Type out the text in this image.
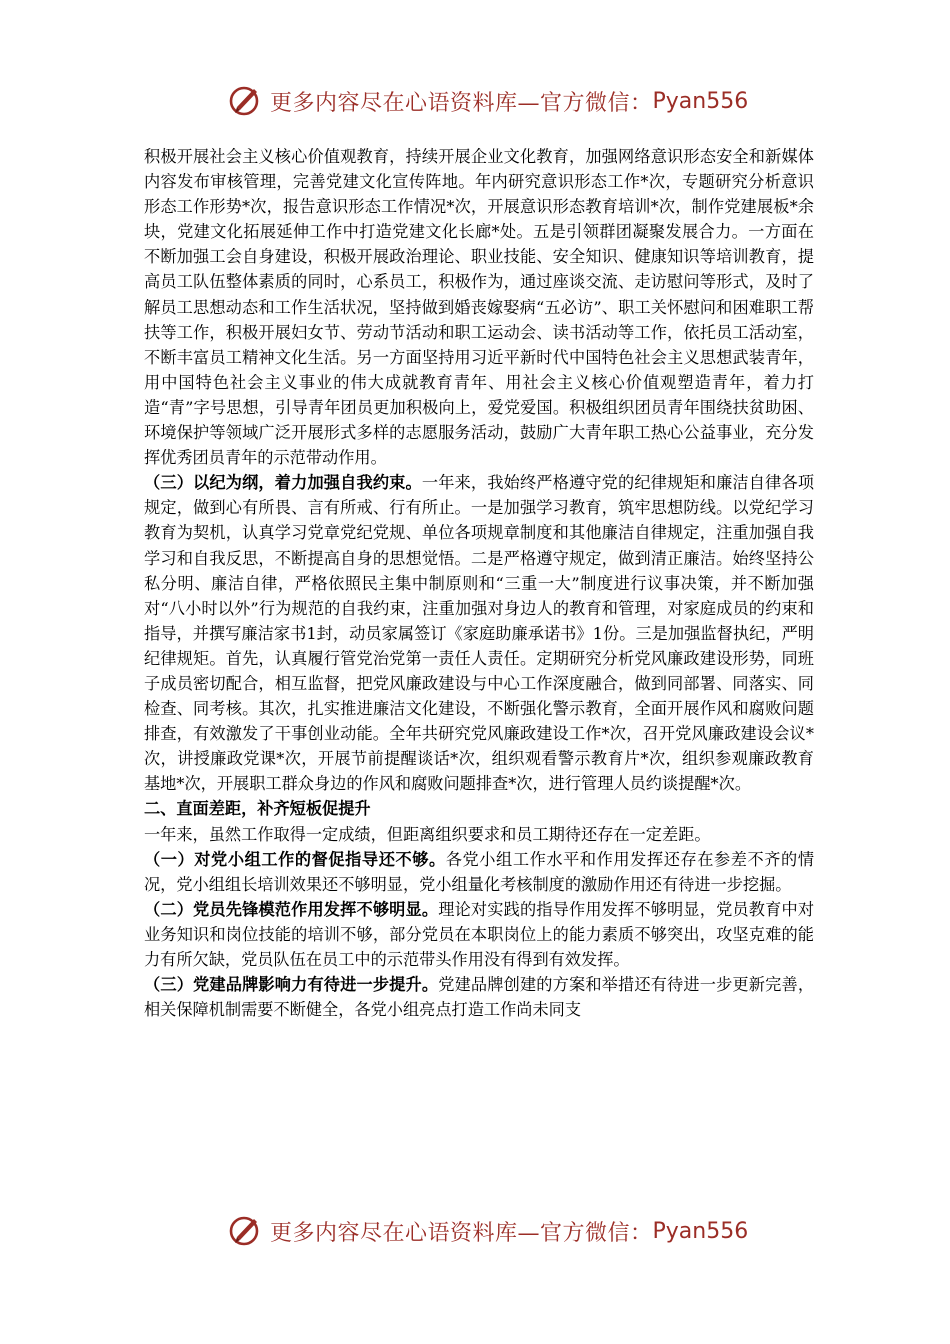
更多内容尽在心语资料库—官方微信： Pyan556

积极开展社会主义核心价值观教育，持续开展企业文化教育，加强网络意识形态安全和新媒体内容发布审核管理，完善党建文化宣传阵地。年内研究意识形态工作*次，专题研究分析意识形态工作形势*次，报告意识形态工作情况*次，开展意识形态教育培训*次，制作党建展板*余块，党建文化拓展延伸工作中打造党建文化长廊*处。五是引领群团凝聚发展合力。一方面在不断加强工会自身建设，积极开展政治理论、职业技能、安全知识、健康知识等培训教育，提高员工队伍整体素质的同时，心系员工，积极作为，通过座谈交流、走访慰问等形式，及时了解员工思想动态和工作生活状况，坚持做到婚丧嫁娶病“五必访”、职工关怀慰问和困难职工帮扶等工作，积极开展妇女节、劳动节活动和职工运动会、读书活动等工作，依托员工活动室，不断丰富员工精神文化生活。另一方面坚持用习近平新时代中国特色社会主义思想武装青年，用中国特色社会主义事业的伟大成就教育青年、用社会主义核心价值观塑造青年，着力打造“青”字号思想，引导青年团员更加积极向上，爱党爱国。积极组织团员青年围绕扶贫助困、环境保护等领域广泛开展形式多样的志愿服务活动，鼓励广大青年职工热心公益事业，充分发挥优秀团员青年的示范带动作用。

（三）以纪为纲，着力加强自我约束。一年来，我始终严格遵守党的纪律规矩和廉洁自律各项规定，做到心有所畏、言有所戒、行有所止。一是加强学习教育，筑牢思想防线。以党纪学习教育为契机，认真学习党章党纪党规、单位各项规章制度和其他廉洁自律规定，注重加强自我学习和自我反思，不断提高自身的思想觉悟。二是严格遵守规定，做到清正廉洁。始终坚持公私分明、廉洁自律，严格依照民主集中制原则和“三重一大”制度进行议事决策，并不断加强对“八小时以外”行为规范的自我约束，注重加强对身边人的教育和管理，对家庭成员的约束和指导，并撰写廉洁家书1封，动员家属签订《家庭助廉承诺书》1份。三是加强监督执纪，严明纪律规矩。首先，认真履行管党治党第一责任人责任。定期研究分析党风廉政建设形势，同班子成员密切配合，相互监督，把党风廉政建设与中心工作深度融合，做到同部署、同落实、同检查、同考核。其次，扎实推进廉洁文化建设，不断强化警示教育，全面开展作风和腐败问题排查，有效激发了干事创业动能。全年共研究党风廉政建设工作*次，召开党风廉政建设会议*次，讲授廉政党课*次，开展节前提醒谈话*次，组织观看警示教育片*次，组织参观廉政教育基地*次，开展职工群众身边的作风和腐败问题排查*次，进行管理人员约谈提醒*次。

二、直面差距，补齐短板促提升

一年来，虽然工作取得一定成绩，但距离组织要求和员工期待还存在一定差距。

（一）对党小组工作的督促指导还不够。各党小组工作水平和作用发挥还存在参差不齐的情况，党小组组长培训效果还不够明显，党小组量化考核制度的激励作用还有待进一步挖掘。

（二）党员先锋模范作用发挥不够明显。理论对实践的指导作用发挥不够明显，党员教育中对业务知识和岗位技能的培训不够，部分党员在本职岗位上的能力素质不够突出，攻坚克难的能力有所欠缺，党员队伍在员工中的示范带头作用没有得到有效发挥。

（三）党建品牌影响力有待进一步提升。党建品牌创建的方案和举措还有待进一步更新完善，相关保障机制需要不断健全，各党小组亮点打造工作尚未同支

更多内容尽在心语资料库—官方微信： Pyan556
